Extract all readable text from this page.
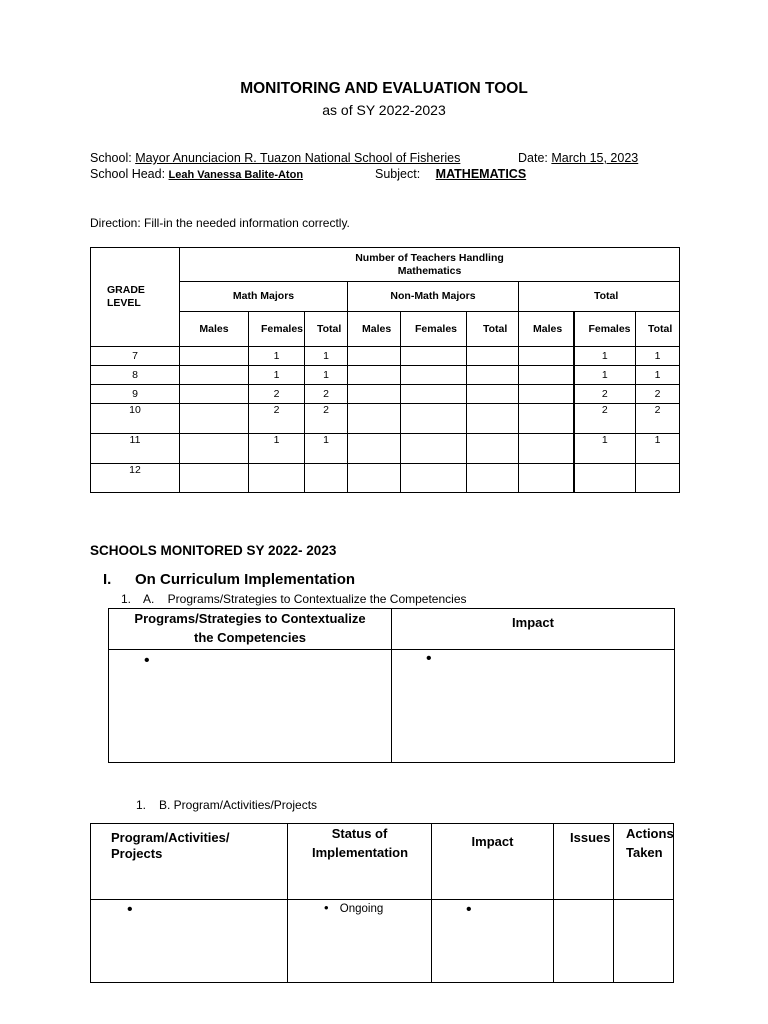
MONITORING AND EVALUATION TOOL
as of SY 2022-2023
School: Mayor Anunciacion R. Tuazon National School of Fisheries	Date: March 15, 2023
School Head: Leah Vanessa Balite-Aton	Subject: MATHEMATICS
Direction: Fill-in the needed information correctly.
GRADE LEVEL	Number of Teachers Handling Mathematics								
	Math Majors			Non-Math Majors			Total		
	Males	Females	Total	Males	Females	Total	Males	Females	Total
7		1	1					1	1
8		1	1					1	1
9		2	2					2	2
10		2	2					2	2
11		1	1					1	1
12									
SCHOOLS MONITORED SY 2022- 2023
I. On Curriculum Implementation
1. A.    Programs/Strategies to Contextualize the Competencies
Programs/Strategies to Contextualize the Competencies	Impact
•	•
1. B. Program/Activities/Projects
Program/Activities/ Projects	Status of Implementation	Impact	Issues	Actions Taken
•	• Ongoing	•		
